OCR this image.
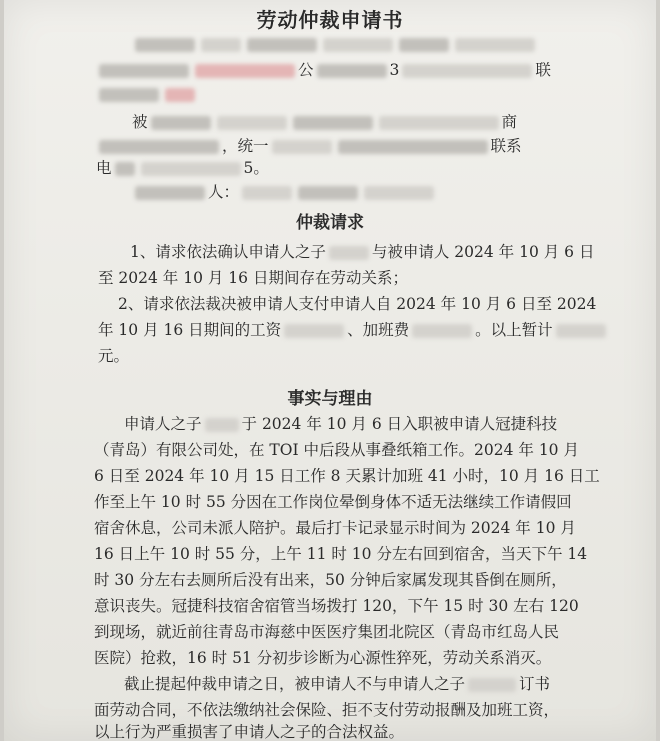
劳动仲裁申请书
公	3	联
被	商
，统一	联系
电	5。
人：
仲裁请求
1、请求依法确认申请人之子	与被申请人 2024 年 10 月 6 日
至 2024 年 10 月 16 日期间存在劳动关系；
2、请求依法裁决被申请人支付申请人自 2024 年 10 月 6 日至 2024
年 10 月 16 日期间的工资	、加班费	。以上暂计
元。
事实与理由
申请人之子	于 2024 年 10 月 6 日入职被申请人冠捷科技
（青岛）有限公司处，在 TOI 中后段从事叠纸箱工作。2024 年 10 月
6 日至 2024 年 10 月 15 日工作 8 天累计加班 41 小时，10 月 16 日工
作至上午 10 时 55 分因在工作岗位晕倒身体不适无法继续工作请假回
宿舍休息，公司未派人陪护。最后打卡记录显示时间为 2024 年 10 月
16 日上午 10 时 55 分，上午 11 时 10 分左右回到宿舍，当天下午 14
时 30 分左右去厕所后没有出来，50 分钟后家属发现其昏倒在厕所，
意识丧失。冠捷科技宿舍宿管当场拨打 120，下午 15 时 30 左右 120
到现场，就近前往青岛市海慈中医医疗集团北院区（青岛市红岛人民
医院）抢救，16 时 51 分初步诊断为心源性猝死，劳动关系消灭。
截止提起仲裁申请之日，被申请人不与申请人之子	订书
面劳动合同，不依法缴纳社会保险、拒不支付劳动报酬及加班工资，
以上行为严重损害了申请人之子的合法权益。
